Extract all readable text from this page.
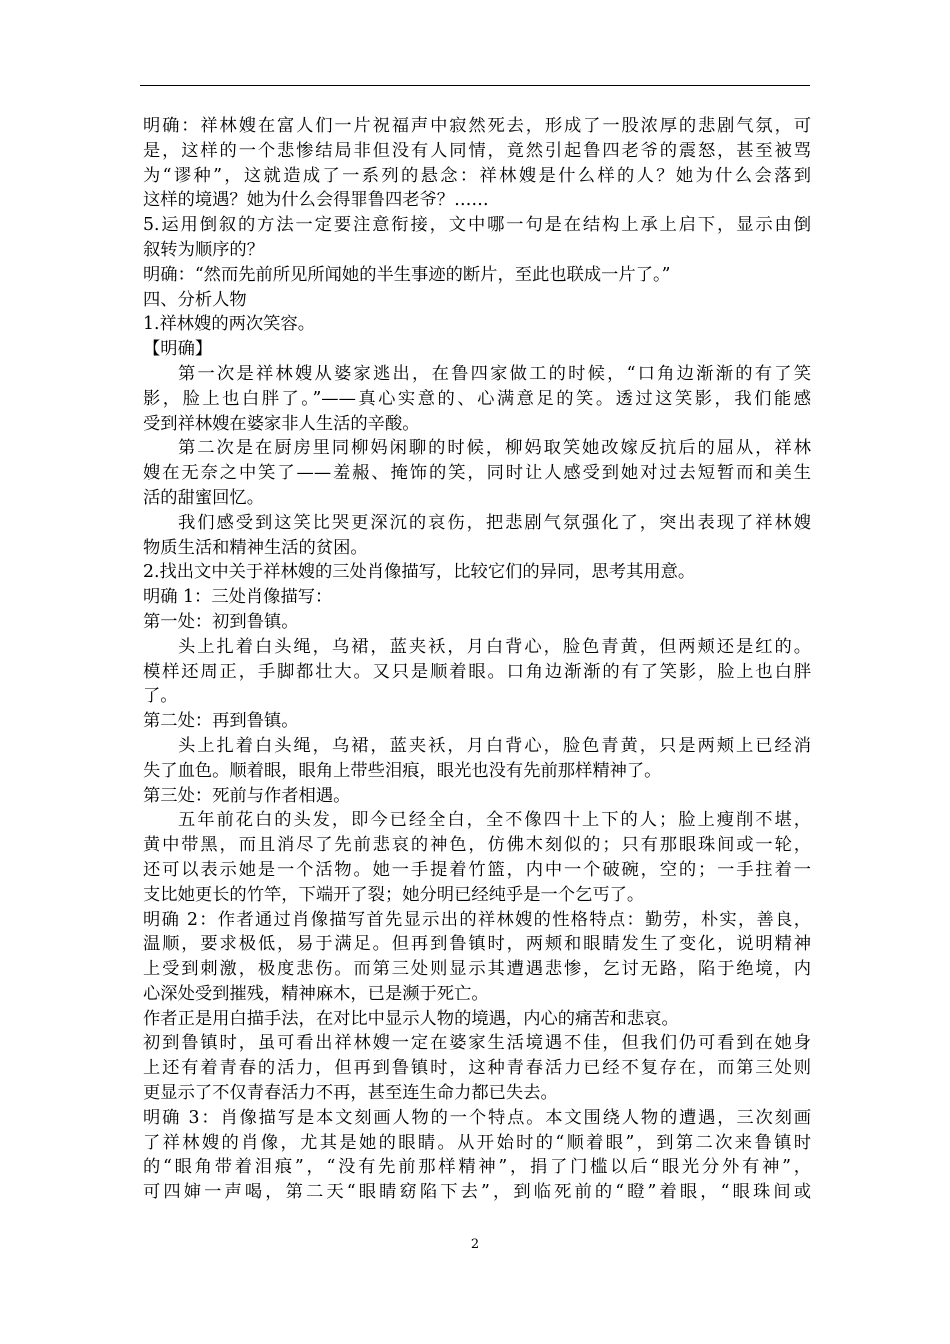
明确：祥林嫂在富人们一片祝福声中寂然死去，形成了一股浓厚的悲剧气氛，可
是，这样的一个悲惨结局非但没有人同情，竟然引起鲁四老爷的震怒，甚至被骂
为“谬种”，这就造成了一系列的悬念：祥林嫂是什么样的人？她为什么会落到
这样的境遇？她为什么会得罪鲁四老爷？……
5.运用倒叙的方法一定要注意衔接，文中哪一句是在结构上承上启下，显示由倒
叙转为顺序的？
明确：“然而先前所见所闻她的半生事迹的断片，至此也联成一片了。”
四、分析人物
1.祥林嫂的两次笑容。
【明确】
第一次是祥林嫂从婆家逃出，在鲁四家做工的时候，“口角边渐渐的有了笑
影，脸上也白胖了。”——真心实意的、心满意足的笑。透过这笑影，我们能感
受到祥林嫂在婆家非人生活的辛酸。
第二次是在厨房里同柳妈闲聊的时候，柳妈取笑她改嫁反抗后的屈从，祥林
嫂在无奈之中笑了——羞赧、掩饰的笑，同时让人感受到她对过去短暂而和美生
活的甜蜜回忆。
我们感受到这笑比哭更深沉的哀伤，把悲剧气氛强化了，突出表现了祥林嫂
物质生活和精神生活的贫困。
2.找出文中关于祥林嫂的三处肖像描写，比较它们的异同，思考其用意。
明确 1：三处肖像描写：
第一处：初到鲁镇。
头上扎着白头绳，乌裙，蓝夹袄，月白背心，脸色青黄，但两颊还是红的。
模样还周正，手脚都壮大。又只是顺着眼。口角边渐渐的有了笑影，脸上也白胖
了。
第二处：再到鲁镇。
头上扎着白头绳，乌裙，蓝夹袄，月白背心，脸色青黄，只是两颊上已经消
失了血色。顺着眼，眼角上带些泪痕，眼光也没有先前那样精神了。
第三处：死前与作者相遇。
五年前花白的头发，即今已经全白，全不像四十上下的人；脸上瘦削不堪，
黄中带黑，而且消尽了先前悲哀的神色，仿佛木刻似的；只有那眼珠间或一轮，
还可以表示她是一个活物。她一手提着竹篮，内中一个破碗，空的；一手拄着一
支比她更长的竹竿，下端开了裂；她分明已经纯乎是一个乞丐了。
明确 2：作者通过肖像描写首先显示出的祥林嫂的性格特点：勤劳，朴实，善良，
温顺，要求极低，易于满足。但再到鲁镇时，两颊和眼睛发生了变化，说明精神
上受到刺激，极度悲伤。而第三处则显示其遭遇悲惨，乞讨无路，陷于绝境，内
心深处受到摧残，精神麻木，已是濒于死亡。
作者正是用白描手法，在对比中显示人物的境遇，内心的痛苦和悲哀。
初到鲁镇时，虽可看出祥林嫂一定在婆家生活境遇不佳，但我们仍可看到在她身
上还有着青春的活力，但再到鲁镇时，这种青春活力已经不复存在，而第三处则
更显示了不仅青春活力不再，甚至连生命力都已失去。
明确 3：肖像描写是本文刻画人物的一个特点。本文围绕人物的遭遇，三次刻画
了祥林嫂的肖像，尤其是她的眼睛。从开始时的“顺着眼”，到第二次来鲁镇时
的“眼角带着泪痕”，“没有先前那样精神”，捐了门槛以后“眼光分外有神”，
可四婶一声喝，第二天“眼睛窈陷下去”，到临死前的“瞪”着眼，“眼珠间或
2
